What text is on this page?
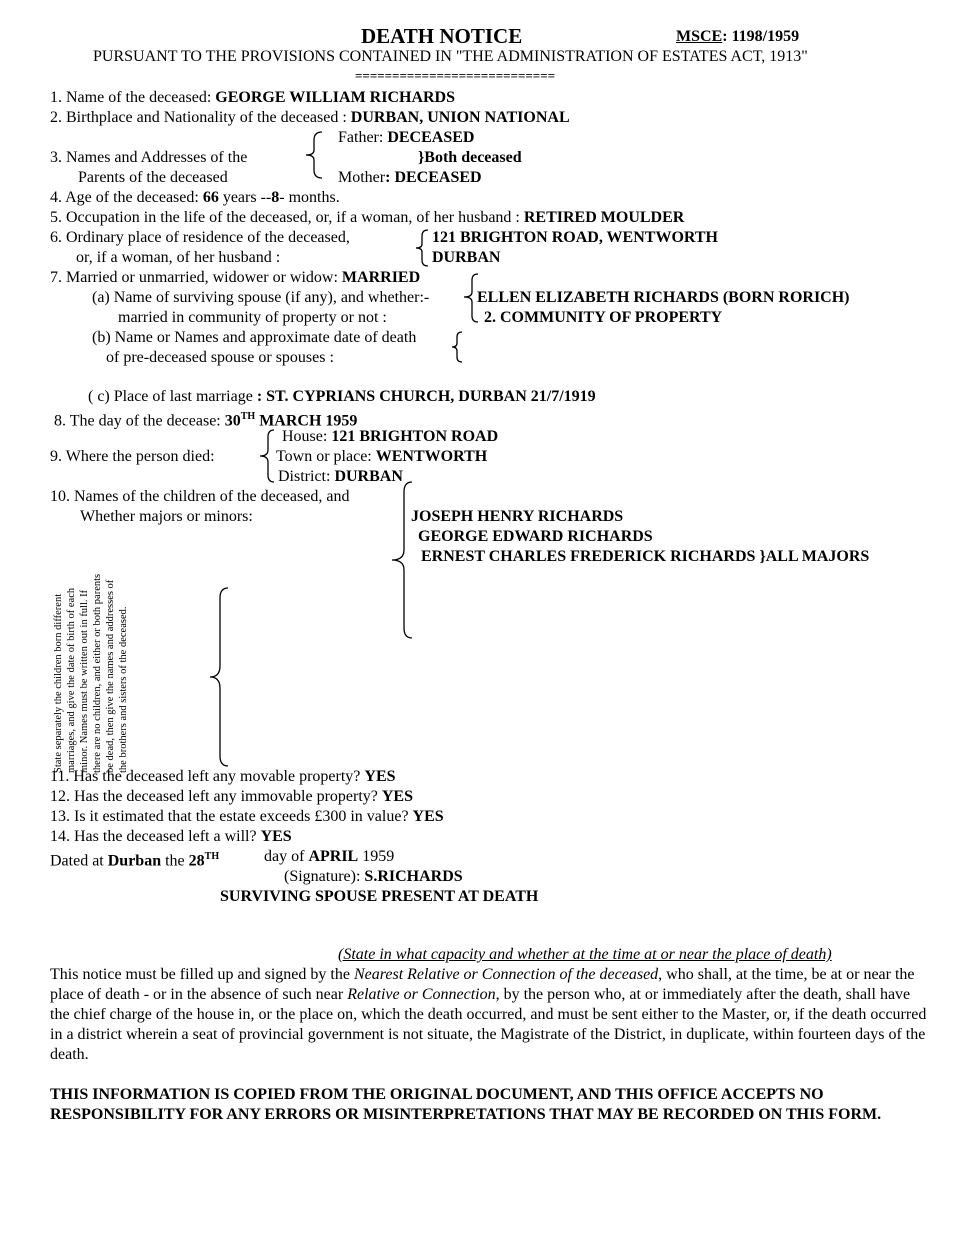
DEATH NOTICE	MSCE: 1198/1959
PURSUANT TO THE PROVISIONS CONTAINED IN "THE ADMINISTRATION OF ESTATES ACT, 1913"
===========================
1. Name of the deceased: GEORGE WILLIAM RICHARDS
2. Birthplace and Nationality of the deceased : DURBAN, UNION NATIONAL
3. Names and Addresses of the
Parents of the deceased
Father: DECEASED
}Both deceased
Mother: DECEASED
4. Age of the deceased: 66 years --8- months.
5. Occupation in the life of the deceased, or, if a woman, of her husband : RETIRED MOULDER
6. Ordinary place of residence of the deceased,
or, if a woman, of her husband :
121 BRIGHTON ROAD, WENTWORTH
DURBAN
7. Married or unmarried, widower or widow: MARRIED
(a) Name of surviving spouse (if any), and whether:-
married in community of property or not :
ELLEN ELIZABETH RICHARDS (BORN RORICH)
2. COMMUNITY OF PROPERTY
(b) Name or Names and approximate date of death
of pre-deceased spouse or spouses :
( c) Place of last marriage : ST. CYPRIANS CHURCH, DURBAN 21/7/1919
8. The day of the decease: 30TH MARCH 1959
9. Where the person died:
House: 121 BRIGHTON ROAD
Town or place: WENTWORTH
District: DURBAN
10. Names of the children of the deceased, and
Whether majors or minors:	JOSEPH HENRY RICHARDS
GEORGE EDWARD RICHARDS
ERNEST CHARLES FREDERICK RICHARDS }ALL MAJORS
State separately the children born different marriages, and give the date of birth of each minor. Names must be written out in full. If there are no children, and either or both parents be dead, then give the names and addresses of the brothers and sisters of the deceased.
11. Has the deceased left any movable property? YES
12. Has the deceased left any immovable property? YES
13. Is it estimated that the estate exceeds £300 in value? YES
14. Has the deceased left a will? YES
Dated at Durban the 28TH	day of APRIL 1959
(Signature): S.RICHARDS
SURVIVING SPOUSE PRESENT AT DEATH
(State in what capacity and whether at the time at or near the place of death)
This notice must be filled up and signed by the Nearest Relative or Connection of the deceased, who shall, at the time, be at or near the place of death - or in the absence of such near Relative or Connection, by the person who, at or immediately after the death, shall have the chief charge of the house in, or the place on, which the death occurred, and must be sent either to the Master, or, if the death occurred in a district wherein a seat of provincial government is not situate, the Magistrate of the District, in duplicate, within fourteen days of the death.
THIS INFORMATION IS COPIED FROM THE ORIGINAL DOCUMENT, AND THIS OFFICE ACCEPTS NO RESPONSIBILITY FOR ANY ERRORS OR MISINTERPRETATIONS THAT MAY BE RECORDED ON THIS FORM.
